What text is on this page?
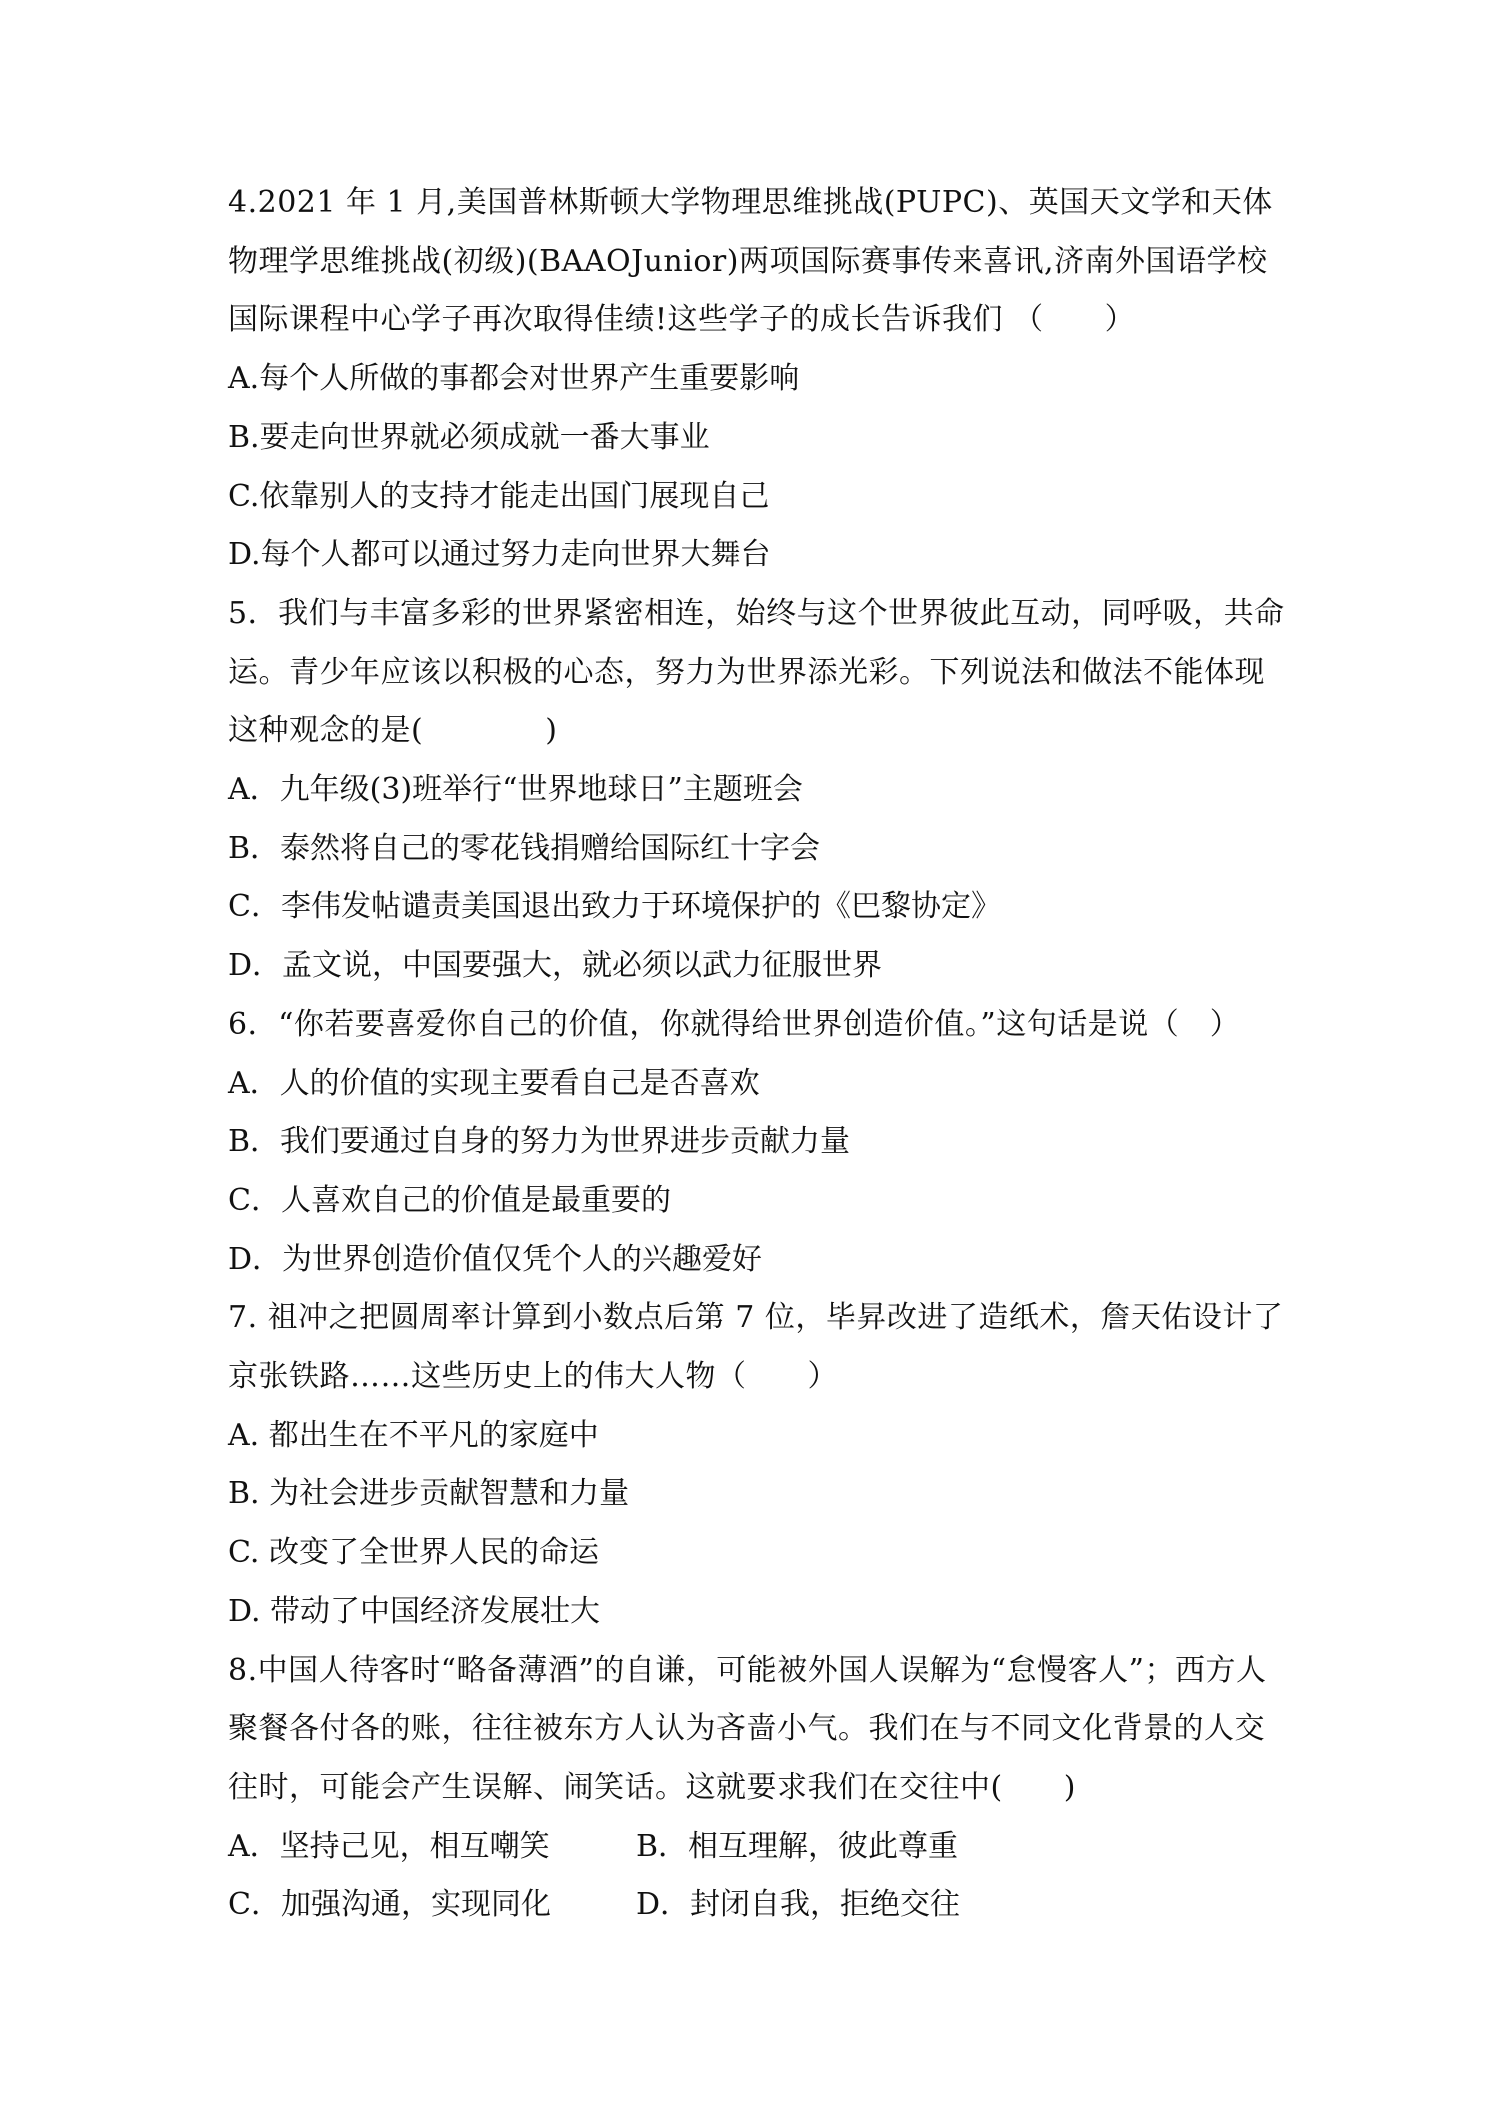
4.2021 年 1 月,美国普林斯顿大学物理思维挑战(PUPC)、英国天文学和天体物理学思维挑战(初级)(BAAOJunior)两项国际赛事传来喜讯,济南外国语学校国际课程中心学子再次取得佳绩!这些学子的成长告诉我们 （　　）

A.每个人所做的事都会对世界产生重要影响

B.要走向世界就必须成就一番大事业

C.依靠别人的支持才能走出国门展现自己

D.每个人都可以通过努力走向世界大舞台

5．我们与丰富多彩的世界紧密相连，始终与这个世界彼此互动，同呼吸，共命运。青少年应该以积极的心态，努力为世界添光彩。下列说法和做法不能体现这种观念的是(　　　　)

A．九年级(3)班举行“世界地球日”主题班会

B．泰然将自己的零花钱捐赠给国际红十字会

C．李伟发帖谴责美国退出致力于环境保护的《巴黎协定》

D．孟文说，中国要强大，就必须以武力征服世界

6．“你若要喜爱你自己的价值，你就得给世界创造价值。”这句话是说（　）

A．人的价值的实现主要看自己是否喜欢

B．我们要通过自身的努力为世界进步贡献力量

C．人喜欢自己的价值是最重要的

D．为世界创造价值仅凭个人的兴趣爱好

7. 祖冲之把圆周率计算到小数点后第 7 位，毕昇改进了造纸术，詹天佑设计了京张铁路……这些历史上的伟大人物（　　）

A. 都出生在不平凡的家庭中

B. 为社会进步贡献智慧和力量

C. 改变了全世界人民的命运

D. 带动了中国经济发展壮大

8.中国人待客时“略备薄酒”的自谦，可能被外国人误解为“怠慢客人”；西方人聚餐各付各的账，往往被东方人认为吝啬小气。我们在与不同文化背景的人交往时，可能会产生误解、闹笑话。这就要求我们在交往中(　　)

A．坚持己见，相互嘲笑	B．相互理解，彼此尊重
C．加强沟通，实现同化	D．封闭自我，拒绝交往
